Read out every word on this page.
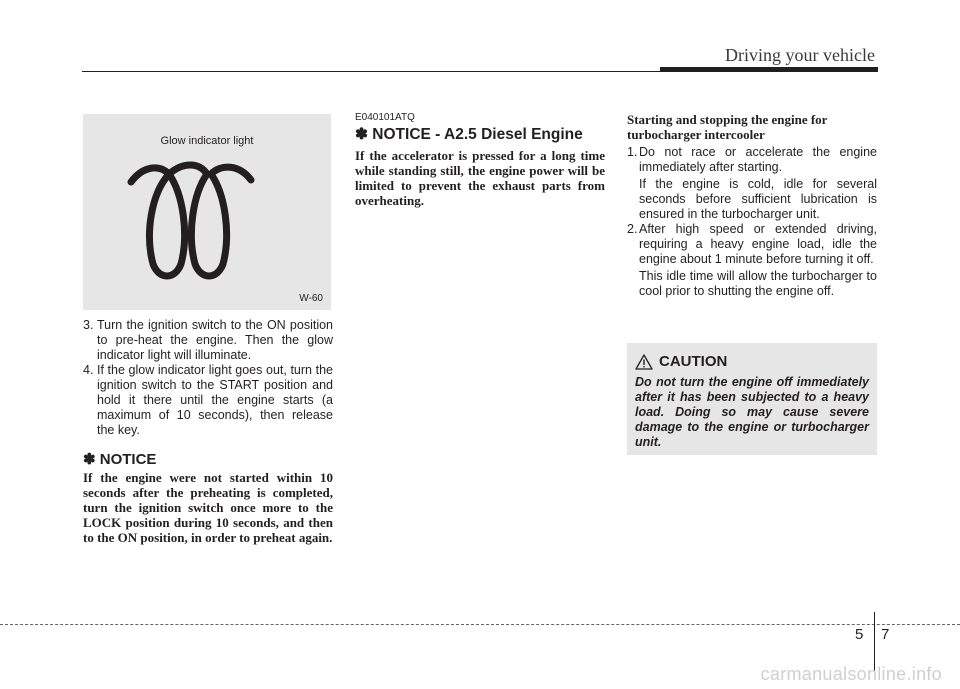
Driving your vehicle
Glow indicator light
W-60
3. Turn the ignition switch to the ON position to pre-heat the engine. Then the glow indicator light will illuminate.
4. If the glow indicator light goes out, turn the ignition switch to the START position and hold it there until the engine starts (a maximum of 10 seconds), then release the key.
✽ NOTICE
If the engine were not started within 10 seconds after the preheating is completed, turn the ignition switch once more to the LOCK position during 10 seconds, and then to the ON position, in order to preheat again.
E040101ATQ
✽ NOTICE - A2.5 Diesel Engine
If the accelerator is pressed for a long time while standing still, the engine power will be limited to prevent the exhaust parts from overheating.
Starting and stopping the engine for turbocharger intercooler
1. Do not race or accelerate the engine immediately after starting.
If the engine is cold, idle for several seconds before sufficient lubrication is ensured in the turbocharger unit.
2. After high speed or extended driving, requiring a heavy engine load, idle the engine about 1 minute before turning it off.
This idle time will allow the turbocharger to cool prior to shutting the engine off.
CAUTION
Do not turn the engine off immediately after it has been subjected to a heavy load. Doing so may cause severe damage to the engine or turbocharger unit.
5 7
carmanualsonline.info
